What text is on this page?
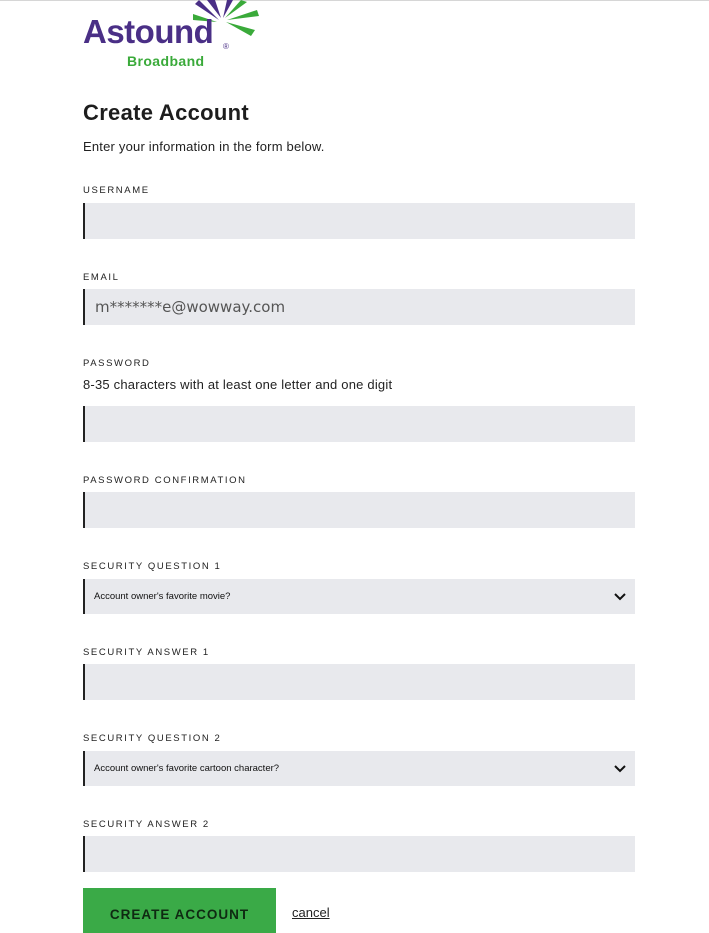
Astound ®
Broadband
Create Account
Enter your information in the form below.
USERNAME
EMAIL
m*******e@wowway.com
PASSWORD
8-35 characters with at least one letter and one digit
PASSWORD CONFIRMATION
SECURITY QUESTION 1
Account owner's favorite movie?
SECURITY ANSWER 1
SECURITY QUESTION 2
Account owner's favorite cartoon character?
SECURITY ANSWER 2
CREATE ACCOUNT	cancel
